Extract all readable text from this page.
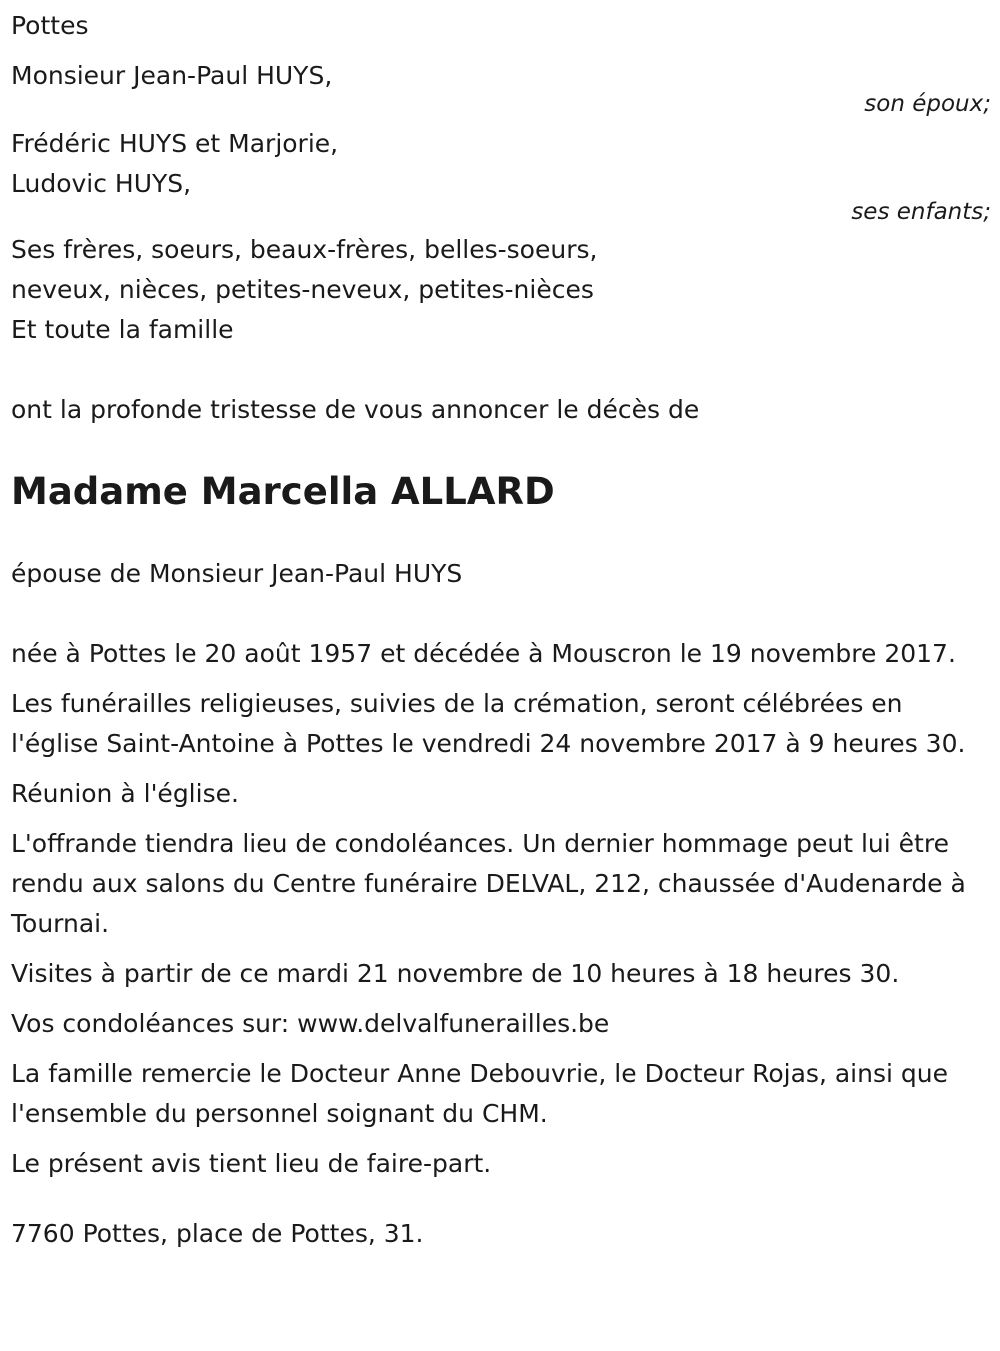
Pottes
Monsieur Jean-Paul HUYS,
son époux;
Frédéric HUYS et Marjorie,
Ludovic HUYS,
ses enfants;
Ses frères, soeurs, beaux-frères, belles-soeurs,
neveux, nièces, petites-neveux, petites-nièces
Et toute la famille
ont la profonde tristesse de vous annoncer le décès de
Madame Marcella ALLARD
épouse de Monsieur Jean-Paul HUYS
née à Pottes le 20 août 1957 et décédée à Mouscron le 19 novembre 2017.
Les funérailles religieuses, suivies de la crémation, seront célébrées en l'église Saint-Antoine à Pottes le vendredi 24 novembre 2017 à 9 heures 30.
Réunion à l'église.
L'offrande tiendra lieu de condoléances. Un dernier hommage peut lui être rendu aux salons du Centre funéraire DELVAL, 212, chaussée d'Audenarde à Tournai.
Visites à partir de ce mardi 21 novembre de 10 heures à 18 heures 30.
Vos condoléances sur: www.delvalfunerailles.be
La famille remercie le Docteur Anne Debouvrie, le Docteur Rojas, ainsi que l'ensemble du personnel soignant du CHM.
Le présent avis tient lieu de faire-part.
7760 Pottes, place de Pottes, 31.
